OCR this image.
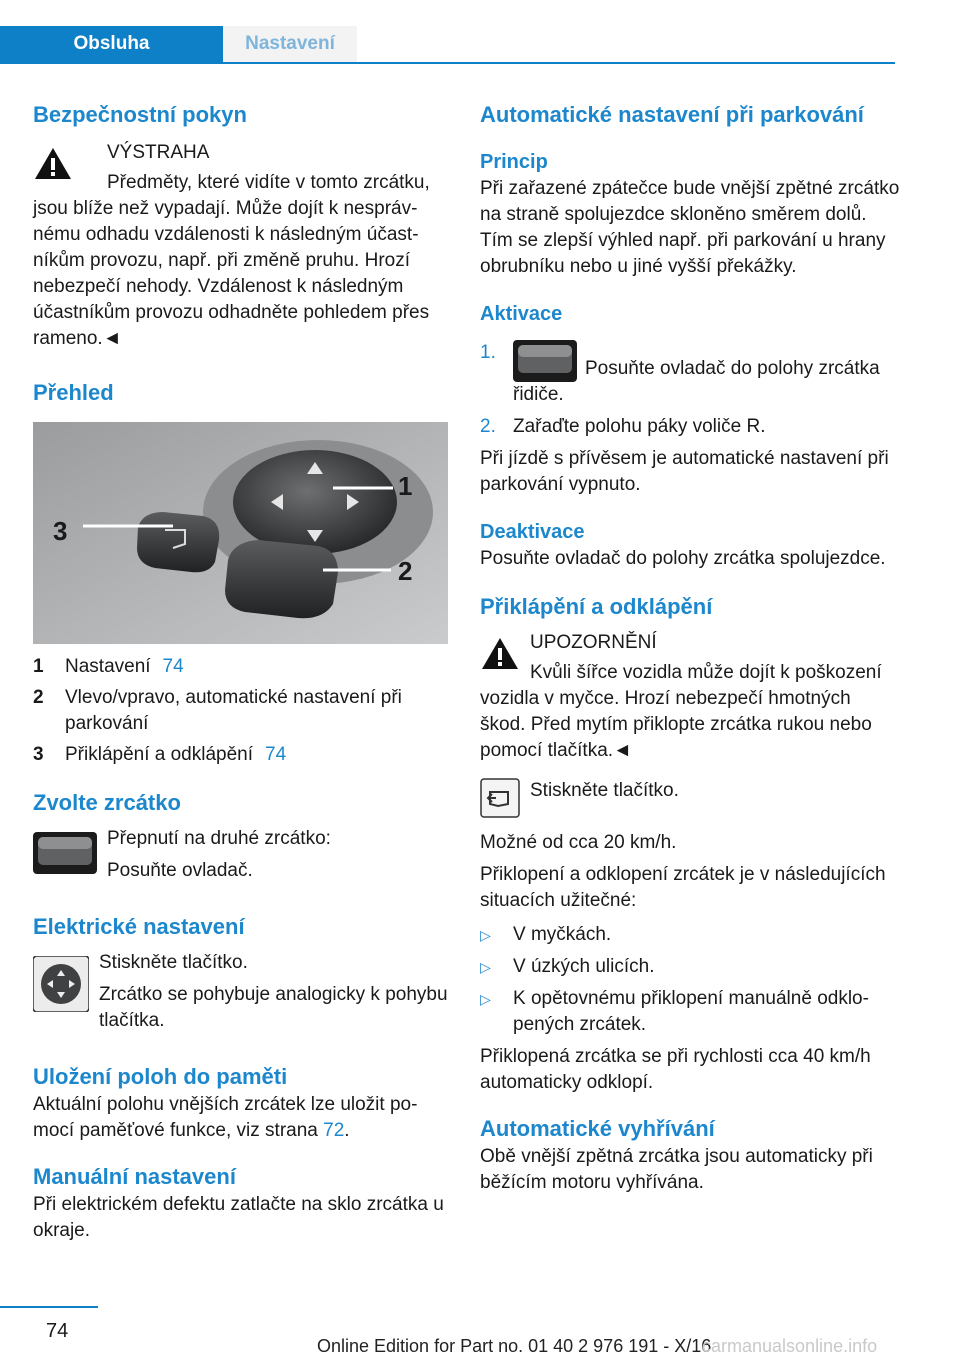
Obsluha	Nastavení
Bezpečnostní pokyn

VÝSTRAHA

Předměty, které vidíte v tomto zrcátku, jsou blíže než vypadají. Může dojít k nesprávnému odhadu vzdálenosti k následným účastníkům provozu, např. při změně pruhu. Hrozí nebezpečí nehody. Vzdálenost k následným účastníkům provozu odhadněte pohledem přes rameno.◄

Přehled
3
1
2
1	Nastavení 74
2	Vlevo/vpravo, automatické nastavení při parkování
3	Přiklápění a odklápění 74
Zvolte zrcátko

Přepnutí na druhé zrcátko:

Posuňte ovladač.

Elektrické nastavení

Stiskněte tlačítko.

Zrcátko se pohybuje analogicky k pohybu tlačítka.

Uložení poloh do paměti

Aktuální polohu vnějších zrcátek lze uložit pomocí paměťové funkce, viz strana 72.

Manuální nastavení

Při elektrickém defektu zatlačte na sklo zrcátka u okraje.

Automatické nastavení při parkování
Princip

Při zařazené zpátečce bude vnější zpětné zrcátko na straně spolujezdce skloněno směrem dolů. Tím se zlepší výhled např. při parkování u hrany obrubníku nebo u jiné vyšší překážky.

Aktivace
1.
Posuňte ovladač do polohy zrcátka řidiče.
2. Zařaďte polohu páky voliče R.

Při jízdě s přívěsem je automatické nastavení při parkování vypnuto.

Deaktivace

Posuňte ovladač do polohy zrcátka spolujezdce.

Přiklápění a odklápění

UPOZORNĚNÍ

Kvůli šířce vozidla může dojít k poškození vozidla v myčce. Hrozí nebezpečí hmotných škod. Před mytím přiklopte zrcátka rukou nebo pomocí tlačítka.◄

Stiskněte tlačítko.

Možné od cca 20 km/h.

Přiklopení a odklopení zrcátek je v následujících situacích užitečné:

▷	V myčkách.
▷	V úzkých ulicích.
▷	K opětovnému přiklopení manuálně odklopených zrcátek.

Přiklopená zrcátka se při rychlosti cca 40 km/h automaticky odklopí.

Automatické vyhřívání

Obě vnější zpětná zrcátka jsou automaticky při běžícím motoru vyhřívána.

74
Online Edition for Part no. 01 40 2 976 191 - X/16
carmanualsonline.info
